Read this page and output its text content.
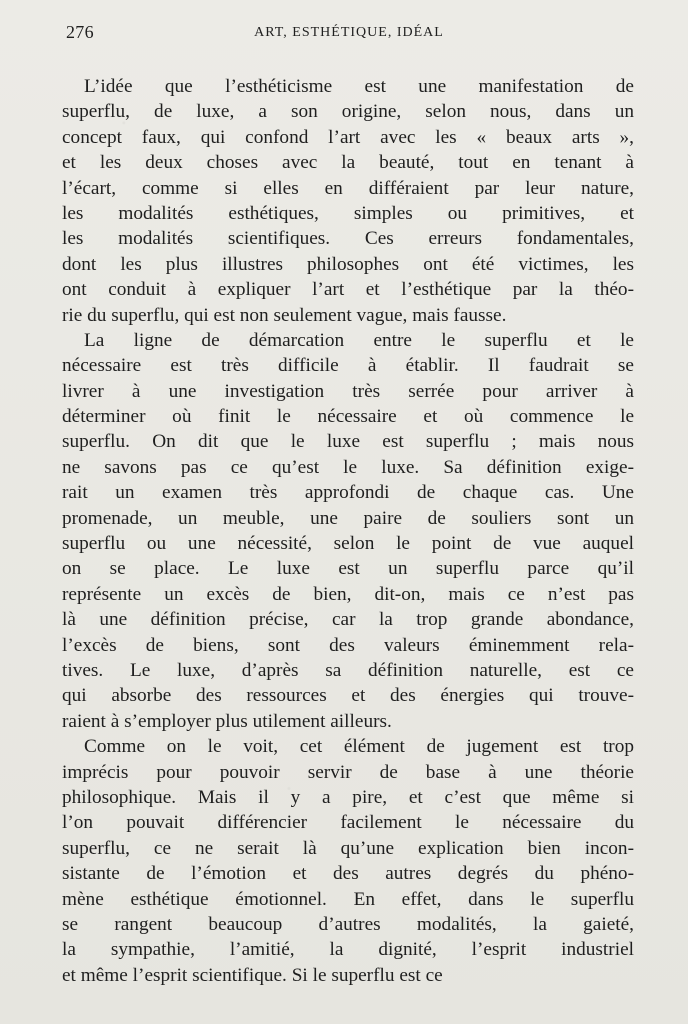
276	ART, ESTHÉTIQUE, IDÉAL
L’idée que l’esthéticisme est une manifestation de
superflu, de luxe, a son origine, selon nous, dans un
concept faux, qui confond l’art avec les « beaux arts »,
et les deux choses avec la beauté, tout en tenant à
l’écart, comme si elles en différaient par leur nature,
les modalités esthétiques, simples ou primitives, et
les modalités scientifiques. Ces erreurs fondamentales,
dont les plus illustres philosophes ont été victimes, les
ont conduit à expliquer l’art et l’esthétique par la théo-
rie du superflu, qui est non seulement vague, mais fausse.
La ligne de démarcation entre le superflu et le
nécessaire est très difficile à établir. Il faudrait se
livrer à une investigation très serrée pour arriver à
déterminer où finit le nécessaire et où commence le
superflu. On dit que le luxe est superflu ; mais nous
ne savons pas ce qu’est le luxe. Sa définition exige-
rait un examen très approfondi de chaque cas. Une
promenade, un meuble, une paire de souliers sont un
superflu ou une nécessité, selon le point de vue auquel
on se place. Le luxe est un superflu parce qu’il
représente un excès de bien, dit-on, mais ce n’est pas
là une définition précise, car la trop grande abondance,
l’excès de biens, sont des valeurs éminemment rela-
tives. Le luxe, d’après sa définition naturelle, est ce
qui absorbe des ressources et des énergies qui trouve-
raient à s’employer plus utilement ailleurs.
Comme on le voit, cet élément de jugement est trop
imprécis pour pouvoir servir de base à une théorie
philosophique. Mais il y a pire, et c’est que même si
l’on pouvait différencier facilement le nécessaire du
superflu, ce ne serait là qu’une explication bien incon-
sistante de l’émotion et des autres degrés du phéno-
mène esthétique émotionnel. En effet, dans le superflu
se rangent beaucoup d’autres modalités, la gaieté,
la sympathie, l’amitié, la dignité, l’esprit industriel
et même l’esprit scientifique. Si le superflu est ce
